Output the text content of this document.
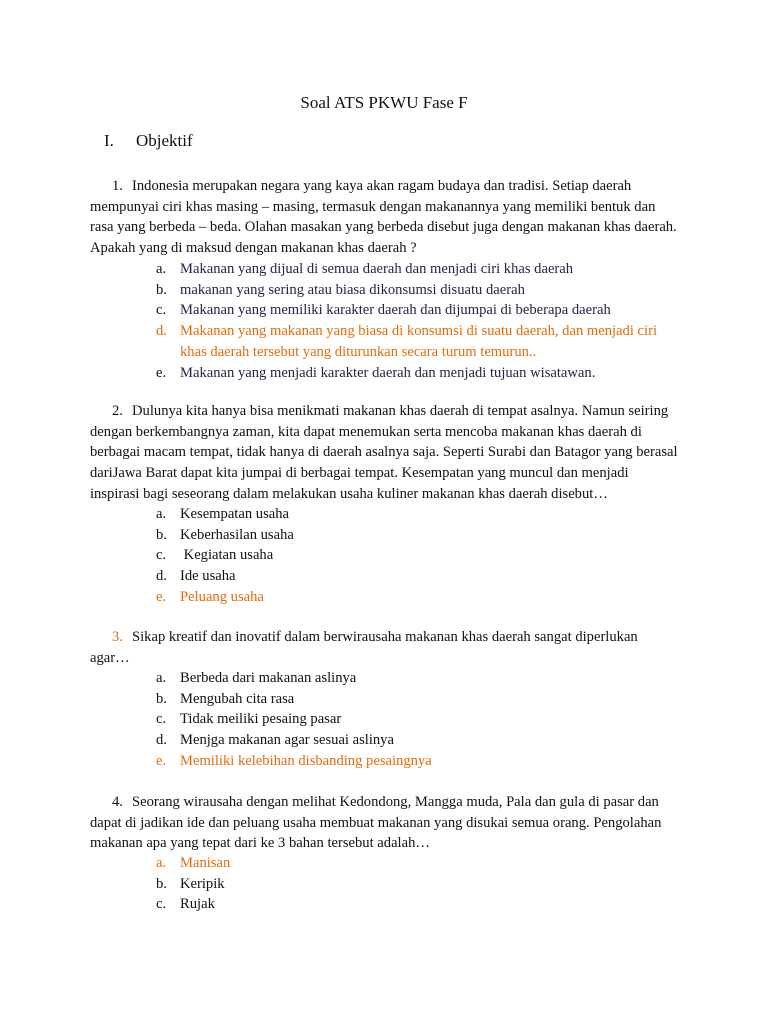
Soal ATS PKWU Fase F
I. Objektif
1. Indonesia merupakan negara yang kaya akan ragam budaya dan tradisi. Setiap daerah mempunyai ciri khas masing – masing, termasuk dengan makanannya yang memiliki bentuk dan rasa yang berbeda – beda. Olahan masakan yang berbeda disebut juga dengan makanan khas daerah. Apakah yang di maksud dengan makanan khas daerah ?
a. Makanan yang dijual di semua daerah dan menjadi ciri khas daerah
b. makanan yang sering atau biasa dikonsumsi disuatu daerah
c. Makanan yang memiliki karakter daerah dan dijumpai di beberapa daerah
d. Makanan yang makanan yang biasa di konsumsi di suatu daerah, dan menjadi ciri khas daerah tersebut yang diturunkan secara turum temurun..
e. Makanan yang menjadi karakter daerah dan menjadi tujuan wisatawan.
2. Dulunya kita hanya bisa menikmati makanan khas daerah di tempat asalnya. Namun seiring dengan berkembangnya zaman, kita dapat menemukan serta mencoba makanan khas daerah di berbagai macam tempat, tidak hanya di daerah asalnya saja. Seperti Surabi dan Batagor yang berasal dariJawa Barat dapat kita jumpai di berbagai tempat. Kesempatan yang muncul dan menjadi inspirasi bagi seseorang dalam melakukan usaha kuliner makanan khas daerah disebut…
a. Kesempatan usaha
b. Keberhasilan usaha
c. Kegiatan usaha
d. Ide usaha
e. Peluang usaha
3. Sikap kreatif dan inovatif dalam berwirausaha makanan khas daerah sangat diperlukan agar…
a. Berbeda dari makanan aslinya
b. Mengubah cita rasa
c. Tidak meiliki pesaing pasar
d. Menjga makanan agar sesuai aslinya
e. Memiliki kelebihan disbanding pesaingnya
4. Seorang wirausaha dengan melihat Kedondong, Mangga muda, Pala dan gula di pasar dan dapat di jadikan ide dan peluang usaha membuat makanan yang disukai semua orang. Pengolahan makanan apa yang tepat dari ke 3 bahan tersebut adalah…
a. Manisan
b. Keripik
c. Rujak
